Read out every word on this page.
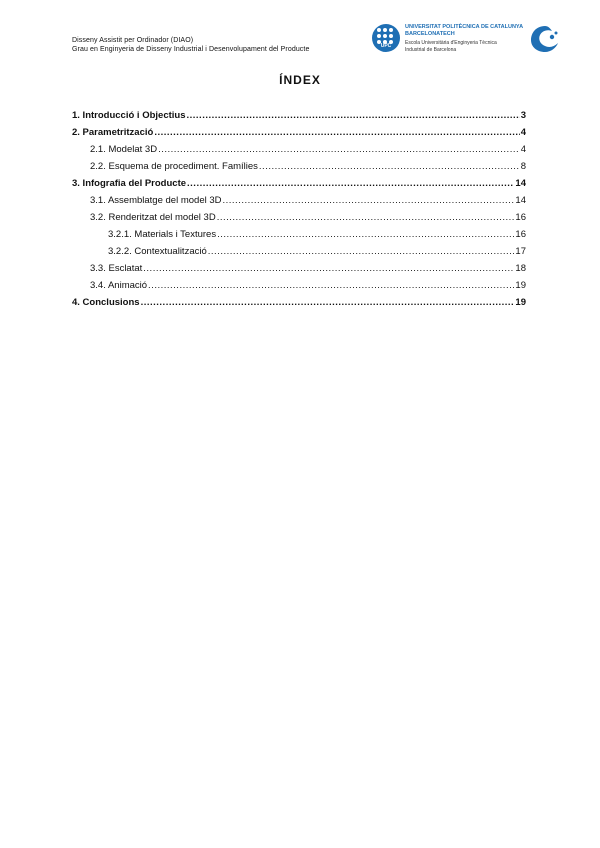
Disseny Assistit per Ordinador (DIAO)
Grau en Enginyeria de Disseny Industrial i Desenvolupament del Producte	UPC
UNIVERSITAT POLITÈCNICA DE CATALUNYA
BARCELONATECH
Escola Universitària d'Enginyeria Tècnica
Industrial de Barcelona
ÍNDEX
1. Introducció i Objectius .....	3
2. Parametrització .....	4
2.1. Modelat 3D .....	4
2.2. Esquema de procediment. Famílies .....	8
3. Infografia del Producte .....	14
3.1. Assemblatge del model 3D .....	14
3.2. Renderitzat del model 3D .....	16
3.2.1. Materials i Textures .....	16
3.2.2. Contextualització .....	17
3.3. Esclatat .....	18
3.4. Animació .....	19
4. Conclusions .....	19
